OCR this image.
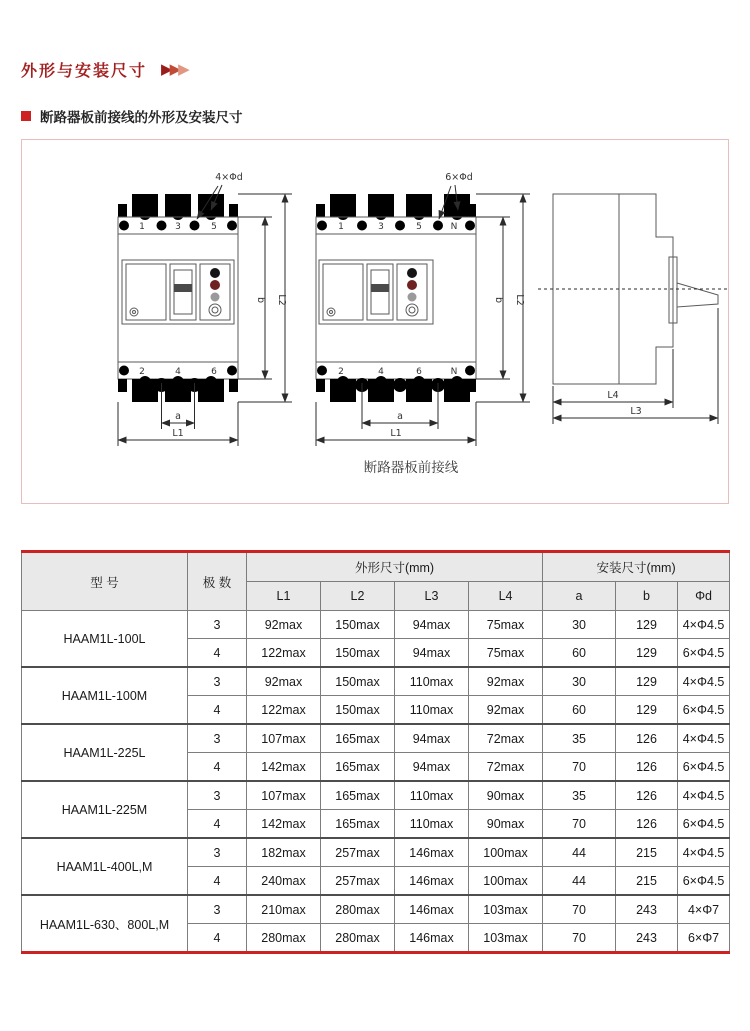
外形与安装尺寸 ▶ ▶ ▶
断路器板前接线的外形及安装尺寸
1	3	5
2	4	6
4×Φd
b L2
a
L1
1	3	5	N
2	4	6	N
6×Φd
b L2
a
L1
L4
L3
断路器板前接线
型 号	极 数	外形尺寸(mm)				安装尺寸(mm)		
		L1	L2	L3	L4	a	b	Φd
HAAM1L-100L	3	92max	150max	94max	75max	30	129	4×Φ4.5
	4	122max	150max	94max	75max	60	129	6×Φ4.5
HAAM1L-100M	3	92max	150max	110max	92max	30	129	4×Φ4.5
	4	122max	150max	110max	92max	60	129	6×Φ4.5
HAAM1L-225L	3	107max	165max	94max	72max	35	126	4×Φ4.5
	4	142max	165max	94max	72max	70	126	6×Φ4.5
HAAM1L-225M	3	107max	165max	110max	90max	35	126	4×Φ4.5
	4	142max	165max	110max	90max	70	126	6×Φ4.5
HAAM1L-400L,M	3	182max	257max	146max	100max	44	215	4×Φ4.5
	4	240max	257max	146max	100max	44	215	6×Φ4.5
HAAM1L-630、800L,M	3	210max	280max	146max	103max	70	243	4×Φ7
	4	280max	280max	146max	103max	70	243	6×Φ7
